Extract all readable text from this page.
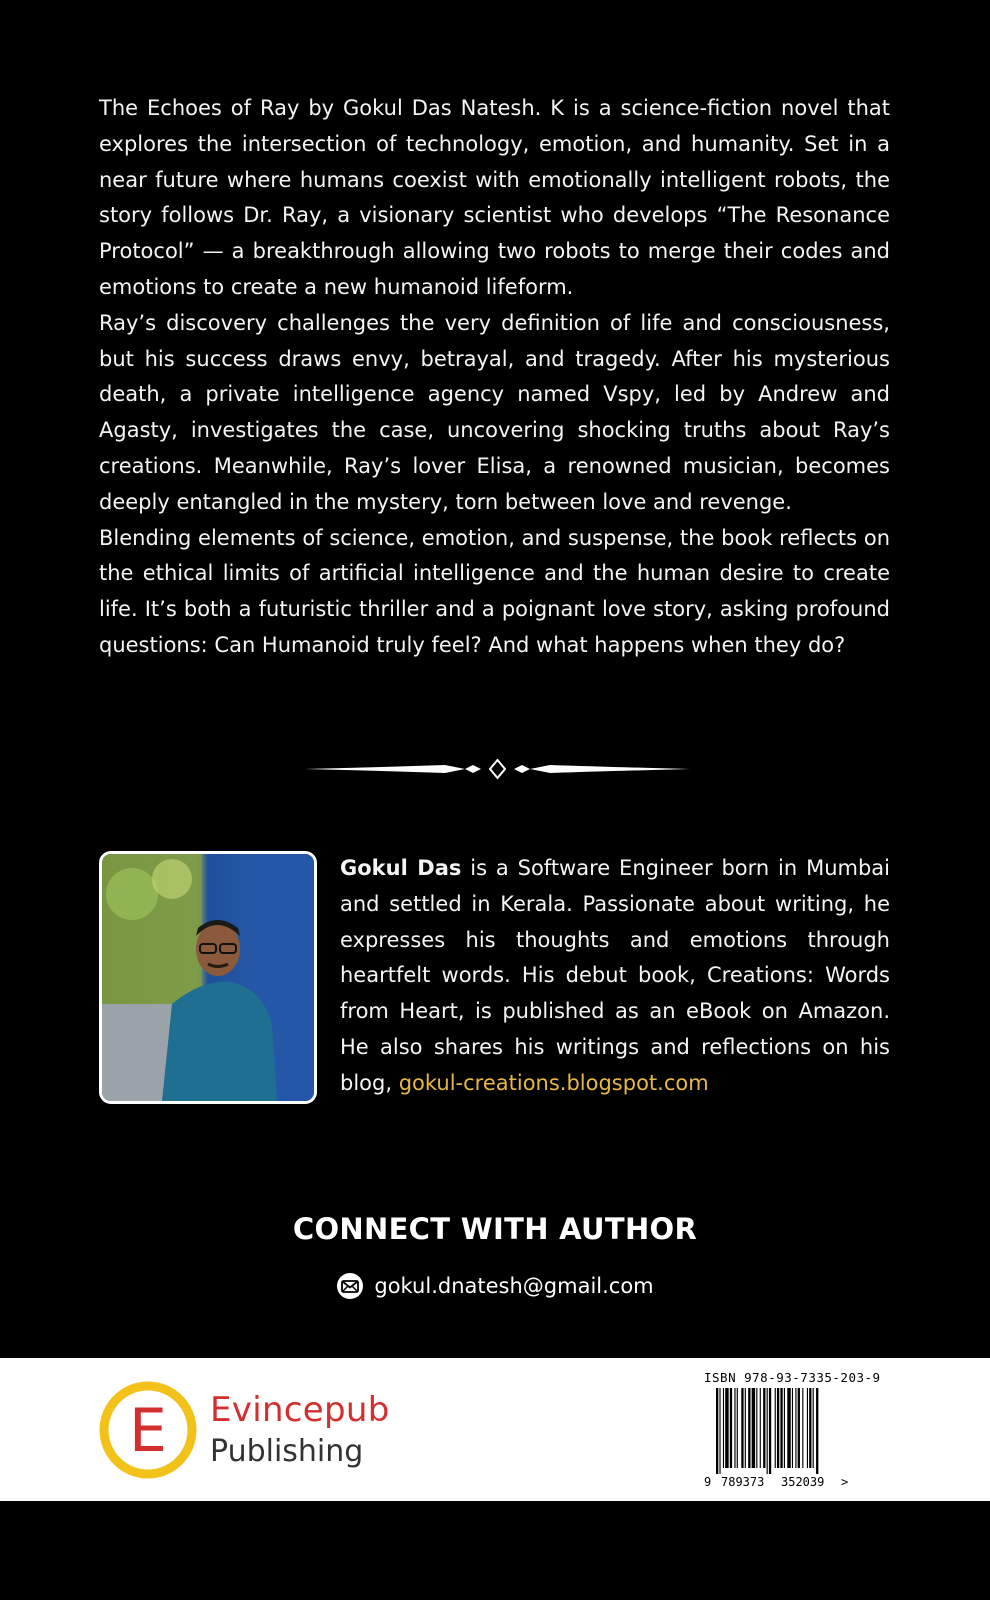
The Echoes of Ray by Gokul Das Natesh. K is a science-fiction novel that explores the intersection of technology, emotion, and humanity. Set in a near future where humans coexist with emotionally intelligent robots, the story follows Dr. Ray, a visionary scientist who develops “The Resonance Protocol” — a breakthrough allowing two robots to merge their codes and emotions to create a new humanoid lifeform.

Ray’s discovery challenges the very definition of life and consciousness, but his success draws envy, betrayal, and tragedy. After his mysterious death, a private intelligence agency named Vspy, led by Andrew and Agasty, investigates the case, uncovering shocking truths about Ray’s creations. Meanwhile, Ray’s lover Elisa, a renowned musician, becomes deeply entangled in the mystery, torn between love and revenge.

Blending elements of science, emotion, and suspense, the book reflects on the ethical limits of artificial intelligence and the human desire to create life. It’s both a futuristic thriller and a poignant love story, asking profound questions: Can Humanoid truly feel? And what happens when they do?

Gokul Das is a Software Engineer born in Mumbai and settled in Kerala. Passionate about writing, he expresses his thoughts and emotions through heartfelt words. His debut book, Creations: Words from Heart, is published as an eBook on Amazon. He also shares his writings and reflections on his blog, gokul-creations.blogspot.com

CONNECT WITH AUTHOR
gokul.dnatesh@gmail.com
E Evincepub
Publishing
ISBN 978-93-7335-203-9
9 789373 352039 >
